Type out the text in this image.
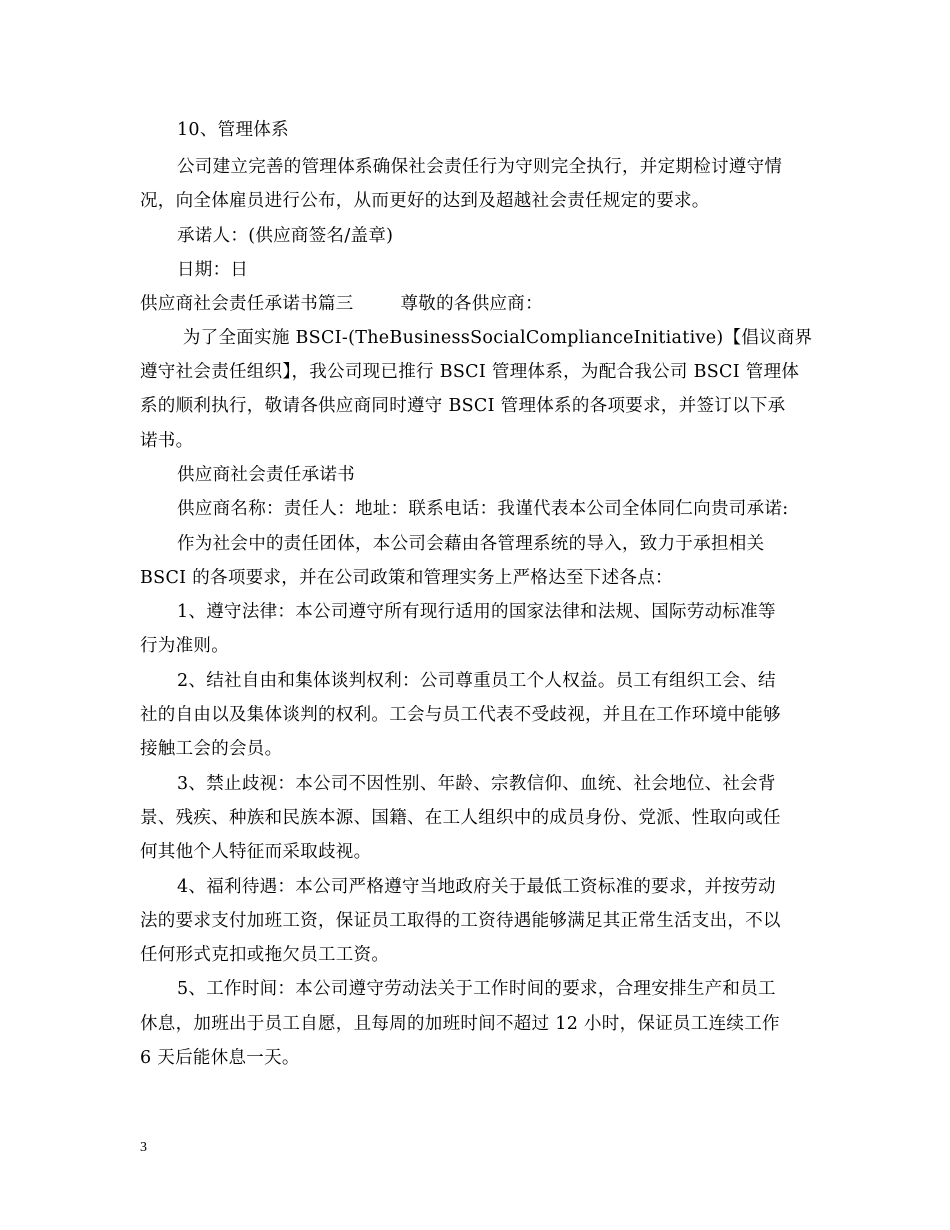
10、管理体系
公司建立完善的管理体系确保社会责任行为守则完全执行，并定期检讨遵守情
况，向全体雇员进行公布，从而更好的达到及超越社会责任规定的要求。
承诺人：(供应商签名/盖章)
日期：日
供应商社会责任承诺书篇三        尊敬的各供应商：
为了全面实施 BSCI-(TheBusinessSocialComplianceInitiative)【倡议商界
遵守社会责任组织】，我公司现已推行 BSCI 管理体系，为配合我公司 BSCI 管理体
系的顺利执行，敬请各供应商同时遵守 BSCI 管理体系的各项要求，并签订以下承
诺书。
供应商社会责任承诺书
供应商名称：责任人：地址：联系电话：我谨代表本公司全体同仁向贵司承诺:
作为社会中的责任团体，本公司会藉由各管理系统的导入，致力于承担相关
BSCI 的各项要求，并在公司政策和管理实务上严格达至下述各点：
1、遵守法律：本公司遵守所有现行适用的国家法律和法规、国际劳动标准等
行为准则。
2、结社自由和集体谈判权利：公司尊重员工个人权益。员工有组织工会、结
社的自由以及集体谈判的权利。工会与员工代表不受歧视，并且在工作环境中能够
接触工会的会员。
3、禁止歧视：本公司不因性别、年龄、宗教信仰、血统、社会地位、社会背
景、残疾、种族和民族本源、国籍、在工人组织中的成员身份、党派、性取向或任
何其他个人特征而采取歧视。
4、福利待遇：本公司严格遵守当地政府关于最低工资标准的要求，并按劳动
法的要求支付加班工资，保证员工取得的工资待遇能够满足其正常生活支出，不以
任何形式克扣或拖欠员工工资。
5、工作时间：本公司遵守劳动法关于工作时间的要求，合理安排生产和员工
休息，加班出于员工自愿，且每周的加班时间不超过 12 小时，保证员工连续工作
6 天后能休息一天。
3
